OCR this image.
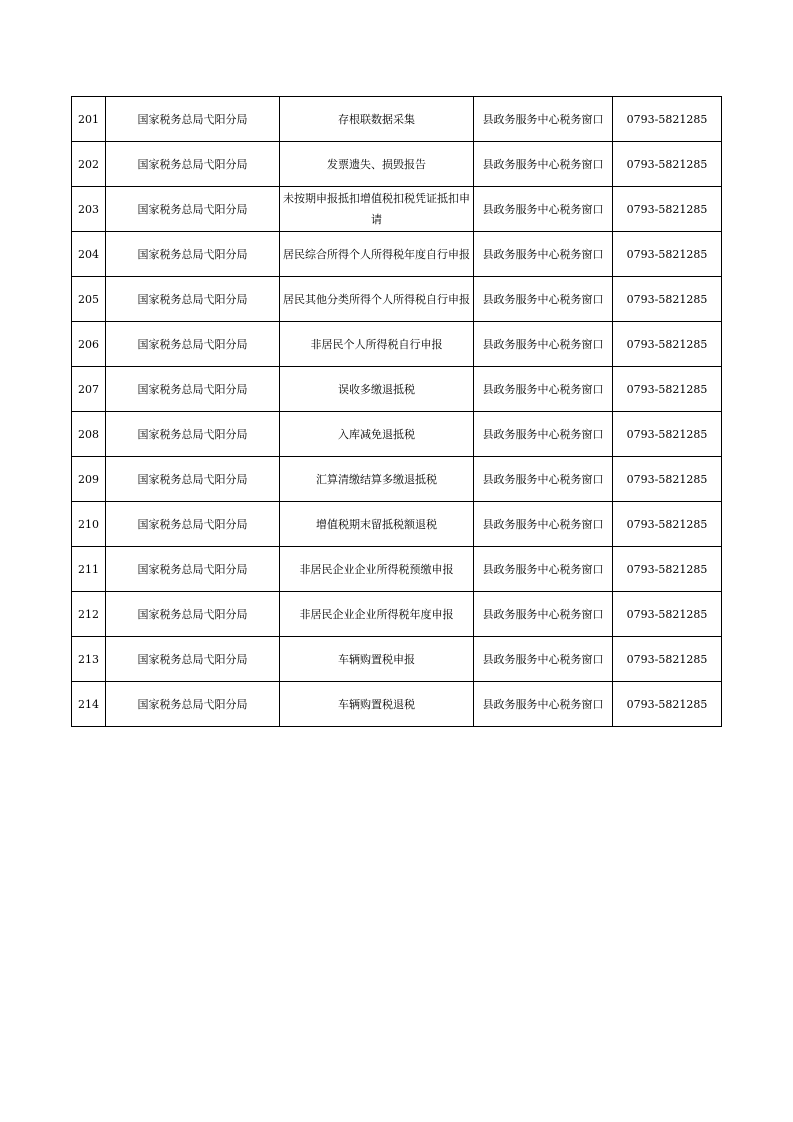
201	国家税务总局弋阳分局	存根联数据采集	县政务服务中心税务窗口	0793-5821285
202	国家税务总局弋阳分局	发票遗失、损毁报告	县政务服务中心税务窗口	0793-5821285
203	国家税务总局弋阳分局	未按期申报抵扣增值税扣税凭证抵扣申请	县政务服务中心税务窗口	0793-5821285
204	国家税务总局弋阳分局	居民综合所得个人所得税年度自行申报	县政务服务中心税务窗口	0793-5821285
205	国家税务总局弋阳分局	居民其他分类所得个人所得税自行申报	县政务服务中心税务窗口	0793-5821285
206	国家税务总局弋阳分局	非居民个人所得税自行申报	县政务服务中心税务窗口	0793-5821285
207	国家税务总局弋阳分局	误收多缴退抵税	县政务服务中心税务窗口	0793-5821285
208	国家税务总局弋阳分局	入库减免退抵税	县政务服务中心税务窗口	0793-5821285
209	国家税务总局弋阳分局	汇算清缴结算多缴退抵税	县政务服务中心税务窗口	0793-5821285
210	国家税务总局弋阳分局	增值税期末留抵税额退税	县政务服务中心税务窗口	0793-5821285
211	国家税务总局弋阳分局	非居民企业企业所得税预缴申报	县政务服务中心税务窗口	0793-5821285
212	国家税务总局弋阳分局	非居民企业企业所得税年度申报	县政务服务中心税务窗口	0793-5821285
213	国家税务总局弋阳分局	车辆购置税申报	县政务服务中心税务窗口	0793-5821285
214	国家税务总局弋阳分局	车辆购置税退税	县政务服务中心税务窗口	0793-5821285
